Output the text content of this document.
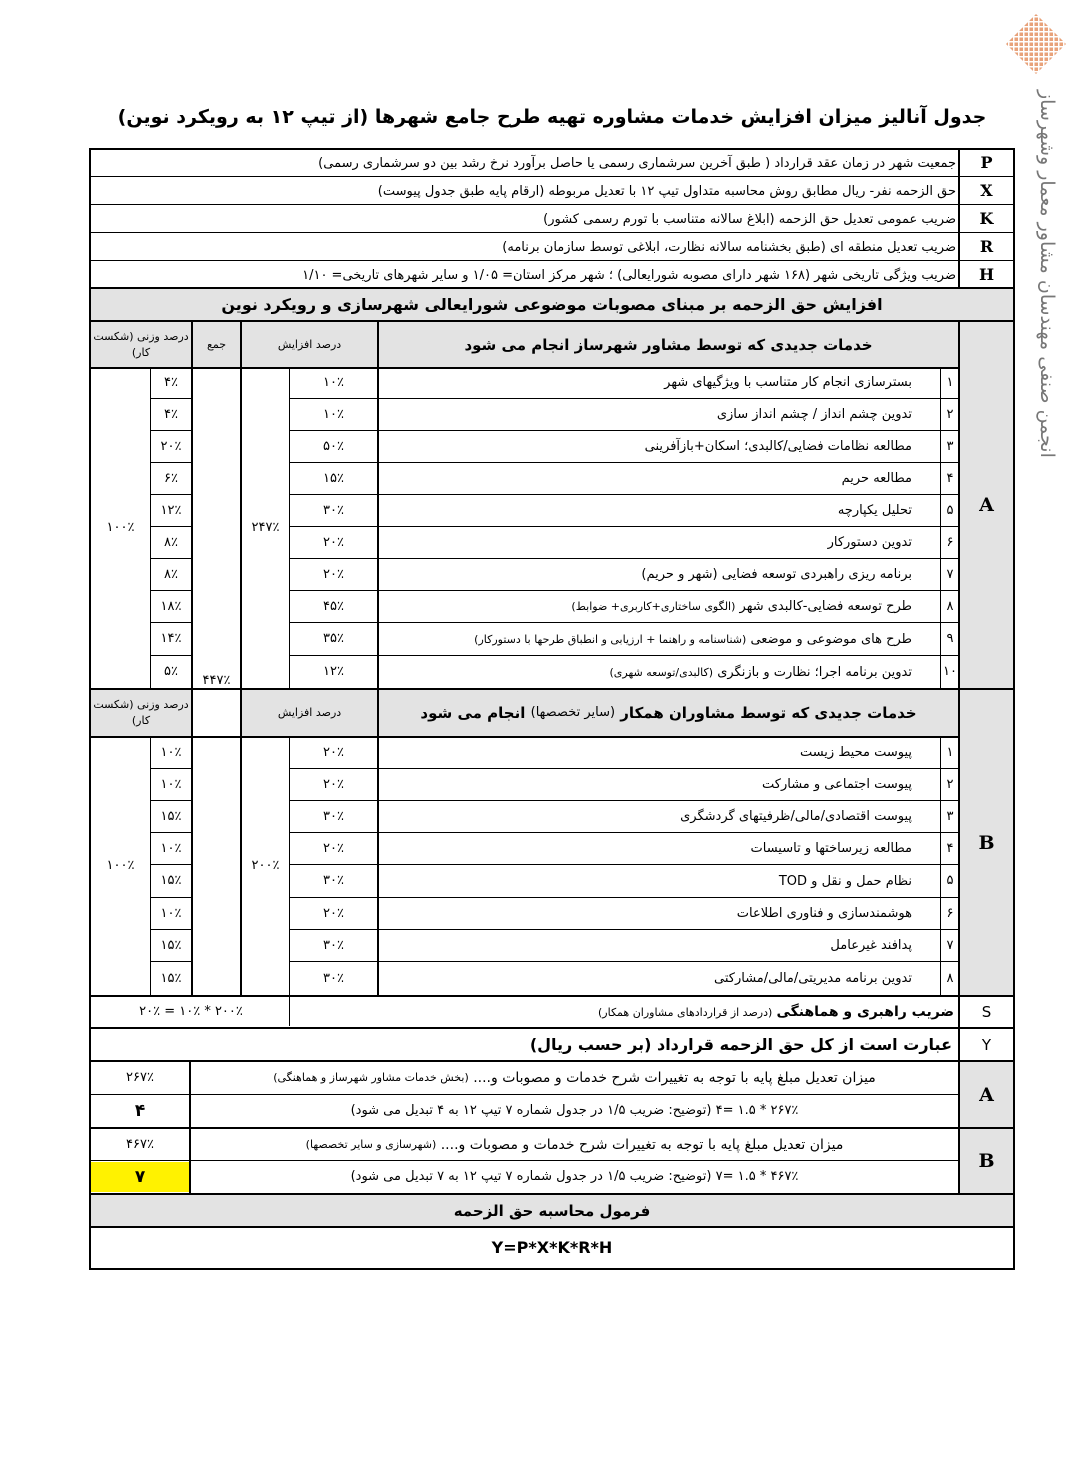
انجمن صنفی مهندسان مشاور معمار وشهرساز
جدول آنالیز میزان افزایش خدمات مشاوره تهیه طرح جامع شهرها (از تیپ ۱۲ به رویکرد نوین)
P
جمعیت شهر در زمان عقد قرارداد ( طبق آخرین سرشماری رسمی یا حاصل برآورد نرخ رشد بین دو سرشماری رسمی)
X
حق الزحمه نفر- ریال مطابق روش محاسبه متداول تیپ ۱۲ با تعدیل مربوطه (ارقام پایه طبق جدول پیوست)
K
ضریب عمومی تعدیل حق الزحمه (ابلاغ سالانه متناسب با تورم رسمی کشور)
R
ضریب تعدیل منطقه ای (طبق بخشنامه سالانه نظارت، ابلاغی توسط سازمان برنامه)
H
ضریب ویژگی تاریخی شهر (۱۶۸ شهر دارای مصوبه شورایعالی) ؛ شهر مرکز استان= ۱/۰۵ و سایر شهرهای تاریخی= ۱/۱۰
افزایش حق الزحمه بر مبنای مصوبات موضوعی شورایعالی شهرسازی و رویکرد نوین
خدمات جدیدی که توسط مشاور شهرساز انجام می شود
درصد افزایش
جمع
درصد وزنی (شکست کار)
A
۱
بسترسازی انجام کار متناسب با ویژگیهای شهر
۱۰٪
۴٪
۲
تدوین چشم انداز / چشم انداز سازی
۱۰٪
۴٪
۳
مطالعه نظامات فضایی/کالبدی؛ اسکان+بازآفرینی
۵۰٪
۲۰٪
۴
مطالعه حریم
۱۵٪
۶٪
۵
تحلیل یکپارچه
۳۰٪
۱۲٪
۶
تدوین دستورکار
۲۰٪
۸٪
۷
برنامه ریزی راهبردی توسعه فضایی (شهر و حریم)
۲۰٪
۸٪
۸
طرح توسعه فضایی-کالبدی شهر

(الگوی ساختاری+کاربری+ ضوابط)
۴۵٪
۱۸٪
۹
طرح های موضوعی و موضعی

(شناسنامه و راهنما + ارزیابی و انطباق طرحها با دستورکار)
۳۵٪
۱۴٪
۱۰
تدوین برنامه اجرا؛ نظارت و بازنگری

(کالبدی/توسعه شهری)
۱۲٪
۵٪
۲۴۷٪
۱۰۰٪
۴۴۷٪
خدمات جدیدی که توسط مشاوران همکار

(سایر تخصصها)

انجام می شود
درصد افزایش
درصد وزنی (شکست کار)
B
۱
پیوست محیط زیست
۲۰٪
۱۰٪
۲
پیوست اجتماعی و مشارکت
۲۰٪
۱۰٪
۳
پیوست اقتصادی/مالی/ظرفیتهای گردشگری
۳۰٪
۱۵٪
۴
مطالعه زیرساختها و تاسیسات
۲۰٪
۱۰٪
۵
نظام حمل و نقل و TOD
۳۰٪
۱۵٪
۶
هوشمندسازی و فناوری اطلاعات
۲۰٪
۱۰٪
۷
پدافند غیرعامل
۳۰٪
۱۵٪
۸
تدوین برنامه مدیریتی/مالی/مشارکتی
۳۰٪
۱۵٪
۲۰۰٪
۱۰۰٪
S
ضریب راهبری و هماهنگی

(درصد از قراردادهای مشاوران همکار)
۲۰۰٪ * ۱۰٪ = ۲۰٪
Y
عبارت است از کل حق الزحمه قرارداد (بر حسب ریال)
A
میزان تعدیل مبلغ پایه با توجه به تغییرات شرح خدمات و مصوبات و....

(بخش خدمات مشاور شهرساز و هماهنگی)
۲۶۷٪
۲۶۷٪ * ۱.۵ =۴ (توضیح: ضریب ۱/۵ در جدول شماره ۷ تیپ ۱۲ به ۴ تبدیل می شود)
۴
B
میزان تعدیل مبلغ پایه با توجه به تغییرات شرح خدمات و مصوبات و....

(شهرسازی و سایر تخصصها)
۴۶۷٪
۴۶۷٪ * ۱.۵ =۷ (توضیح: ضریب ۱/۵ در جدول شماره ۷ تیپ ۱۲ به ۷ تبدیل می شود)
۷
فرمول محاسبه حق الزحمه
Y=P*X*K*R*H
